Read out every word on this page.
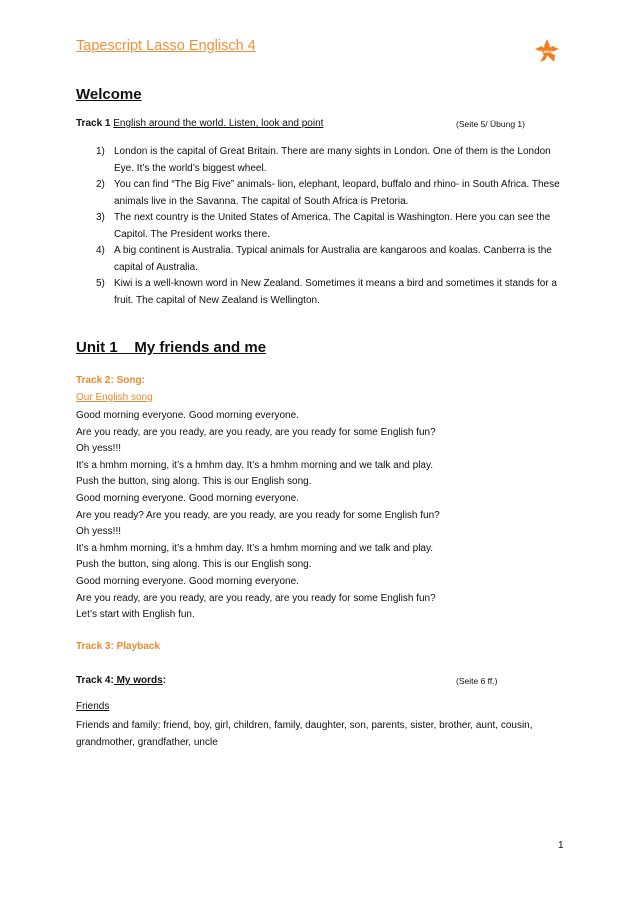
Tapescript Lasso Englisch 4	Lasso
Welcome
Track 1 English around the world. Listen, look and point	(Seite 5/ Übung 1)
1) London is the capital of Great Britain. There are many sights in London. One of them is the London Eye. It’s the world’s biggest wheel.
2) You can find “The Big Five” animals- lion, elephant, leopard, buffalo and rhino- in South Africa. These animals live in the Savanna. The capital of South Africa is Pretoria.
3) The next country is the United States of America. The Capital is Washington. Here you can see the Capitol. The President works there.
4) A big continent is Australia. Typical animals for Australia are kangaroos and koalas. Canberra is the capital of Australia.
5) Kiwi is a well-known word in New Zealand. Sometimes it means a bird and sometimes it stands for a fruit. The capital of New Zealand is Wellington.
Unit 1    My friends and me
Track 2: Song:
Our English song
Good morning everyone. Good morning everyone.
Are you ready, are you ready, are you ready, are you ready for some English fun?
Oh yess!!!
It’s a hmhm morning, it’s a hmhm day. It’s a hmhm morning and we talk and play.
Push the button, sing along. This is our English song.
Good morning everyone. Good morning everyone.
Are you ready? Are you ready, are you ready, are you ready for some English fun?
Oh yess!!!
It’s a hmhm morning, it’s a hmhm day. It’s a hmhm morning and we talk and play.
Push the button, sing along. This is our English song.
Good morning everyone. Good morning everyone.
Are you ready, are you ready, are you ready, are you ready for some English fun?
Let’s start with English fun.
Track 3: Playback
Track 4: My words:	(Seite 6 ff.)
Friends
Friends and family: friend, boy, girl, children, family, daughter, son, parents, sister, brother, aunt, cousin, grandmother, grandfather, uncle
1
